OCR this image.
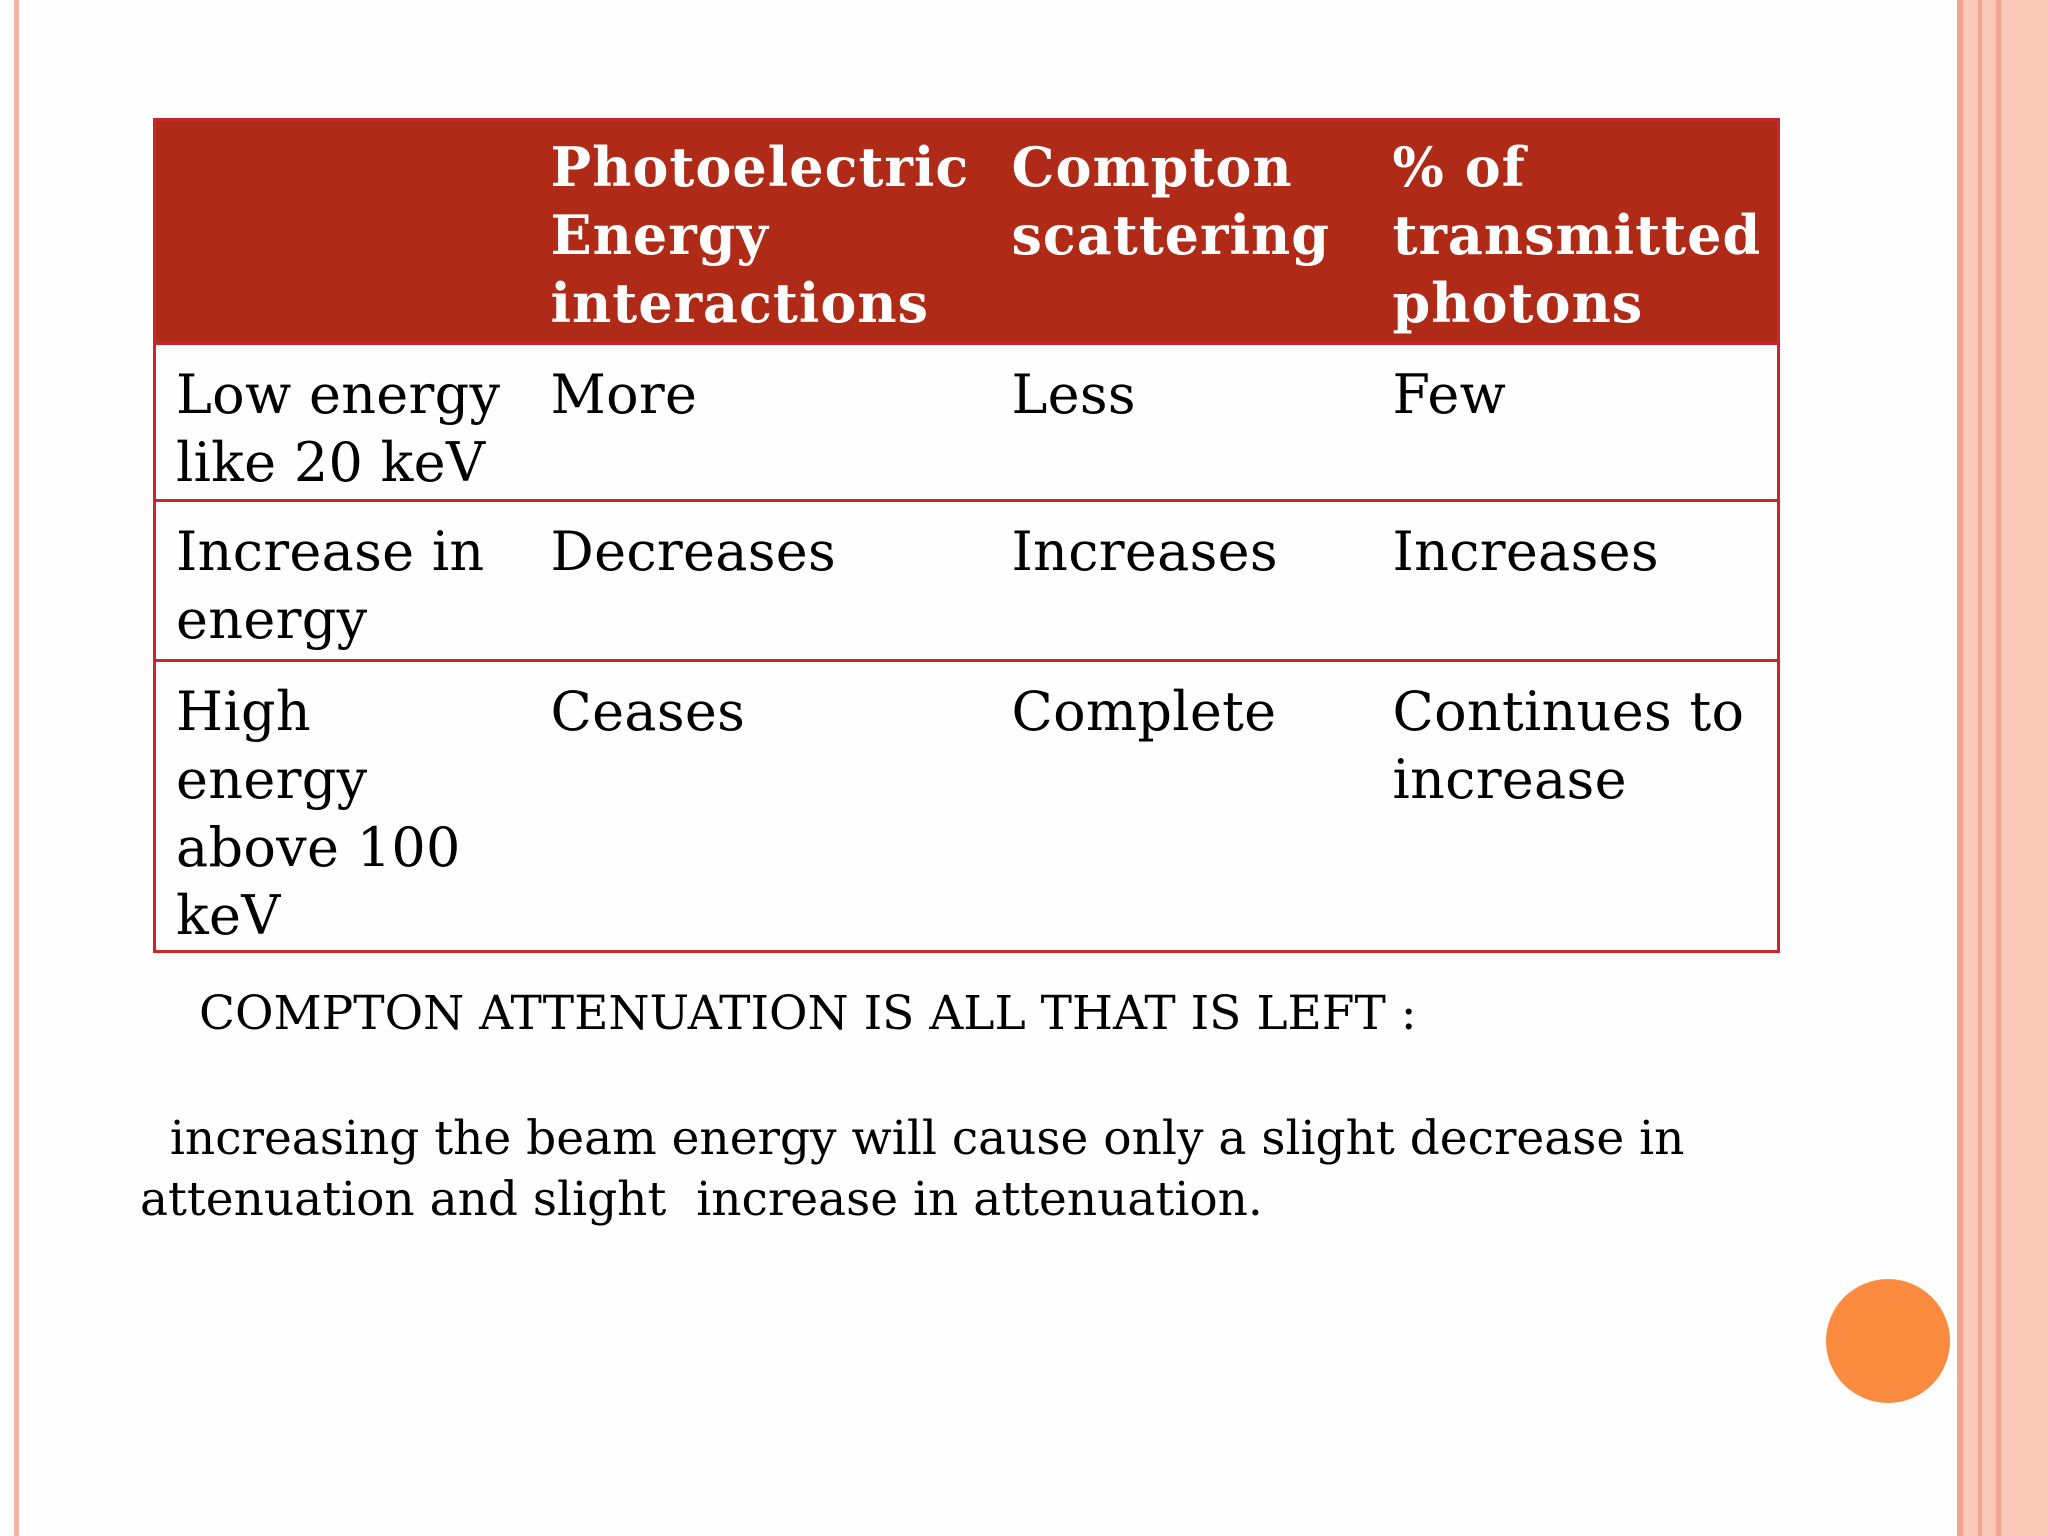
	Photoelectric Energy interactions	Compton scattering	% of transmitted photons
Low energy like 20 keV	More	Less	Few
Increase in energy	Decreases	Increases	Increases
High energy above 100 keV	Ceases	Complete	Continues to increase
COMPTON ATTENUATION IS ALL THAT IS LEFT :
increasing the beam energy will cause only a slight decrease in attenuation and slight  increase in attenuation.
